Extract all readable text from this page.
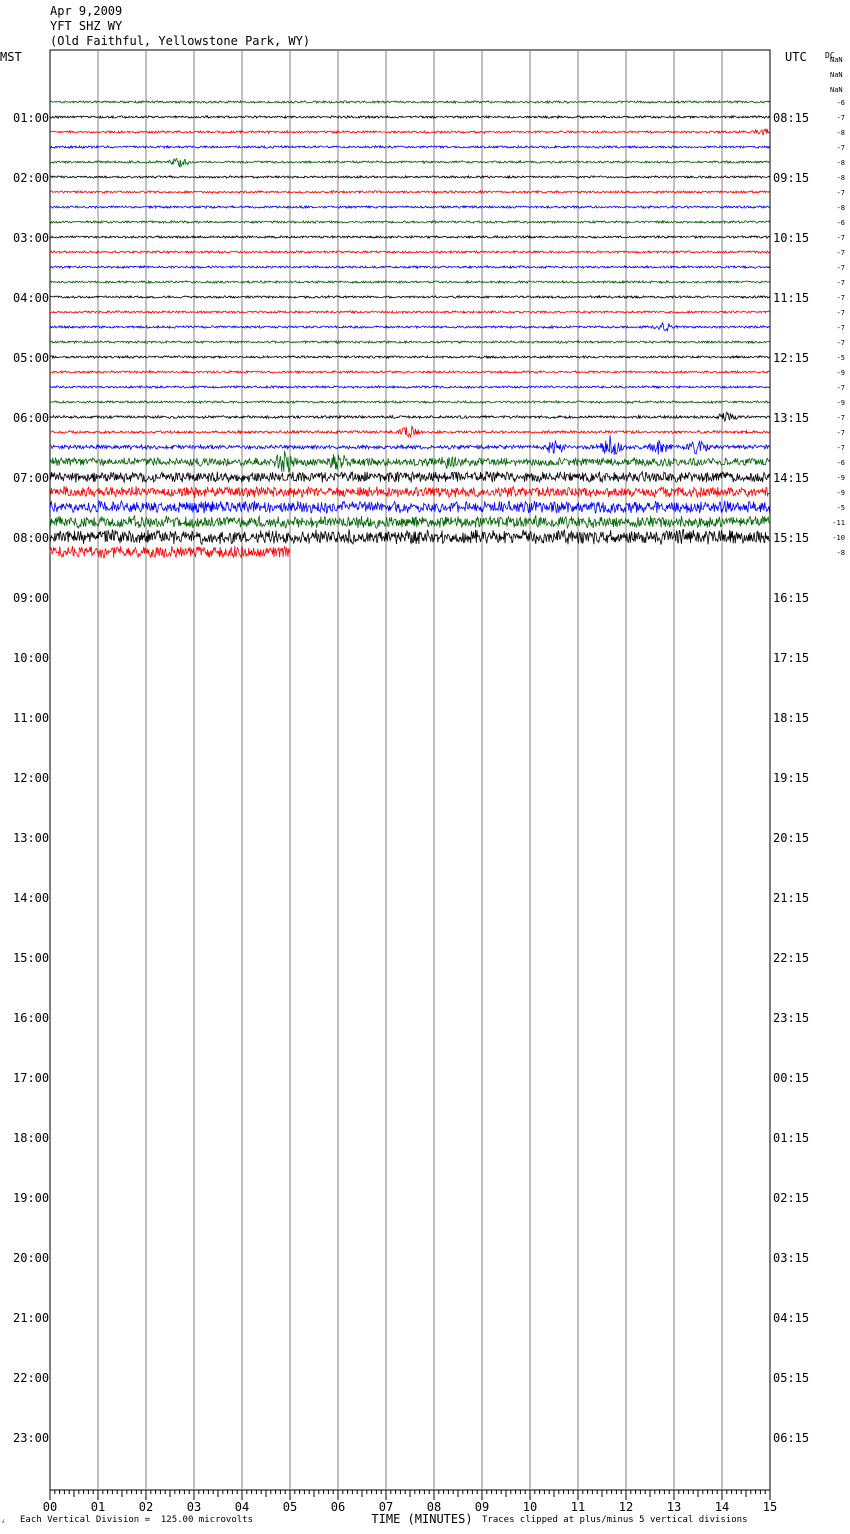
Apr 9,2009
YFT SHZ WY
(Old Faithful, Yellowstone Park, WY)
MST	UTC DC
NaN
NaN
NaN
01:00
02:00
03:00
04:00
05:00
06:00
07:00
08:00
09:00
10:00
11:00
12:00
13:00
14:00
15:00
16:00
17:00
18:00
19:00
20:00
21:00
22:00
23:00
08:15
09:15
10:15
11:15
12:15
13:15
14:15
15:15
16:15
17:15
18:15
19:15
20:15
21:15
22:15
23:15
00:15
01:15
02:15
03:15
04:15
05:15
06:15
00	01	02	03	04	05	06	07	08	09	10	11	12	13	14	15
TIME (MINUTES)
-6
-7
-8
-7
-8
-8
-7
-8
-6
-7
-7
-7
-7
-7
-7
-7
-7
-5
-9
-7
-9
-7
-7
-7
-6
-9
-9
-5
-11
-10
-8
⁁ Each Vertical Division =  125.00 microvolts	Traces clipped at plus/minus 5 vertical divisions
